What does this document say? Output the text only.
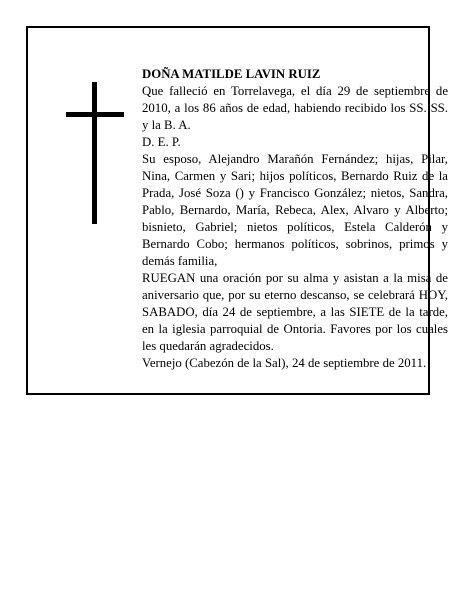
DOÑA MATILDE LAVIN RUIZ

Que falleció en Torrelavega, el día 29 de septiembre de 2010, a los 86 años de edad, habiendo recibido los SS. SS. y la B. A.

D. E. P.

Su esposo, Alejandro Marañón Fernández; hijas, Pilar, Nina, Carmen y Sari; hijos políticos, Bernardo Ruiz de la Prada, José Soza () y Francisco González; nietos, Sandra, Pablo, Bernardo, María, Rebeca, Alex, Alvaro y Alberto; bisnieto, Gabriel; nietos políticos, Estela Calderón y Bernardo Cobo; hermanos políticos, sobrinos, primos y demás familia,

RUEGAN una oración por su alma y asistan a la misa de aniversario que, por su eterno descanso, se celebrará HOY, SABADO, día 24 de septiembre, a las SIETE de la tarde, en la iglesia parroquial de Ontoria. Favores por los cuales les quedarán agradecidos.

Vernejo (Cabezón de la Sal), 24 de septiembre de 2011.
